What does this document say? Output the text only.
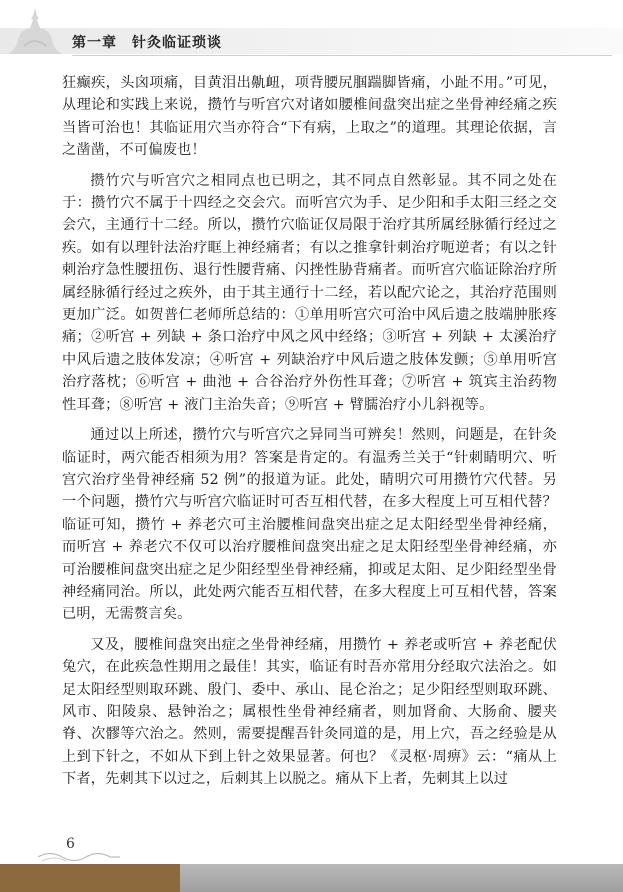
第一章　针灸临证琐谈

狂癫疾，头囟项痛，目黄泪出鼽衄，项背腰尻腘踹脚皆痛，小趾不用。”可见，从理论和实践上来说，攒竹与听宫穴对诸如腰椎间盘突出症之坐骨神经痛之疾当皆可治也！其临证用穴当亦符合“下有病，上取之”的道理。其理论依据，言之凿凿，不可偏废也！

攒竹穴与听宫穴之相同点也已明之，其不同点自然彰显。其不同之处在于：攒竹穴不属于十四经之交会穴。而听宫穴为手、足少阳和手太阳三经之交会穴，主通行十二经。所以，攒竹穴临证仅局限于治疗其所属经脉循行经过之疾。如有以理针法治疗眶上神经痛者；有以之推拿针刺治疗呃逆者；有以之针刺治疗急性腰扭伤、退行性腰背痛、闪挫性胁背痛者。而听宫穴临证除治疗所属经脉循行经过之疾外，由于其主通行十二经，若以配穴论之，其治疗范围则更加广泛。如贺普仁老师所总结的：①单用听宫穴可治中风后遗之肢端肿胀疼痛；②听宫 + 列缺 + 条口治疗中风之风中经络；③听宫 + 列缺 + 太溪治疗中风后遗之肢体发凉；④听宫 + 列缺治疗中风后遗之肢体发颤；⑤单用听宫治疗落枕；⑥听宫 + 曲池 + 合谷治疗外伤性耳聋；⑦听宫 + 筑宾主治药物性耳聋；⑧听宫 + 液门主治失音；⑨听宫 + 臂臑治疗小儿斜视等。

通过以上所述，攒竹穴与听宫穴之异同当可辨矣！然则，问题是，在针灸临证时，两穴能否相须为用？答案是肯定的。有温秀兰关于“针刺睛明穴、听宫穴治疗坐骨神经痛 52 例”的报道为证。此处，睛明穴可用攒竹穴代替。另一个问题，攒竹穴与听宫穴临证时可否互相代替，在多大程度上可互相代替？临证可知，攒竹 + 养老穴可主治腰椎间盘突出症之足太阳经型坐骨神经痛，而听宫 + 养老穴不仅可以治疗腰椎间盘突出症之足太阳经型坐骨神经痛，亦可治腰椎间盘突出症之足少阳经型坐骨神经痛，抑或足太阳、足少阳经型坐骨神经痛同治。所以，此处两穴能否互相代替，在多大程度上可互相代替，答案已明，无需赘言矣。

又及，腰椎间盘突出症之坐骨神经痛，用攒竹 + 养老或听宫 + 养老配伏兔穴，在此疾急性期用之最佳！其实，临证有时吾亦常用分经取穴法治之。如足太阳经型则取环跳、殷门、委中、承山、昆仑治之；足少阳经型则取环跳、风市、阳陵泉、悬钟治之；属根性坐骨神经痛者，则加肾俞、大肠俞、腰夹脊、次髎等穴治之。然则，需要提醒吾针灸同道的是，用上穴，吾之经验是从上到下针之，不如从下到上针之效果显著。何也？《灵枢·周痹》云：“痛从上下者，先刺其下以过之，后刺其上以脱之。痛从下上者，先刺其上以过

6
